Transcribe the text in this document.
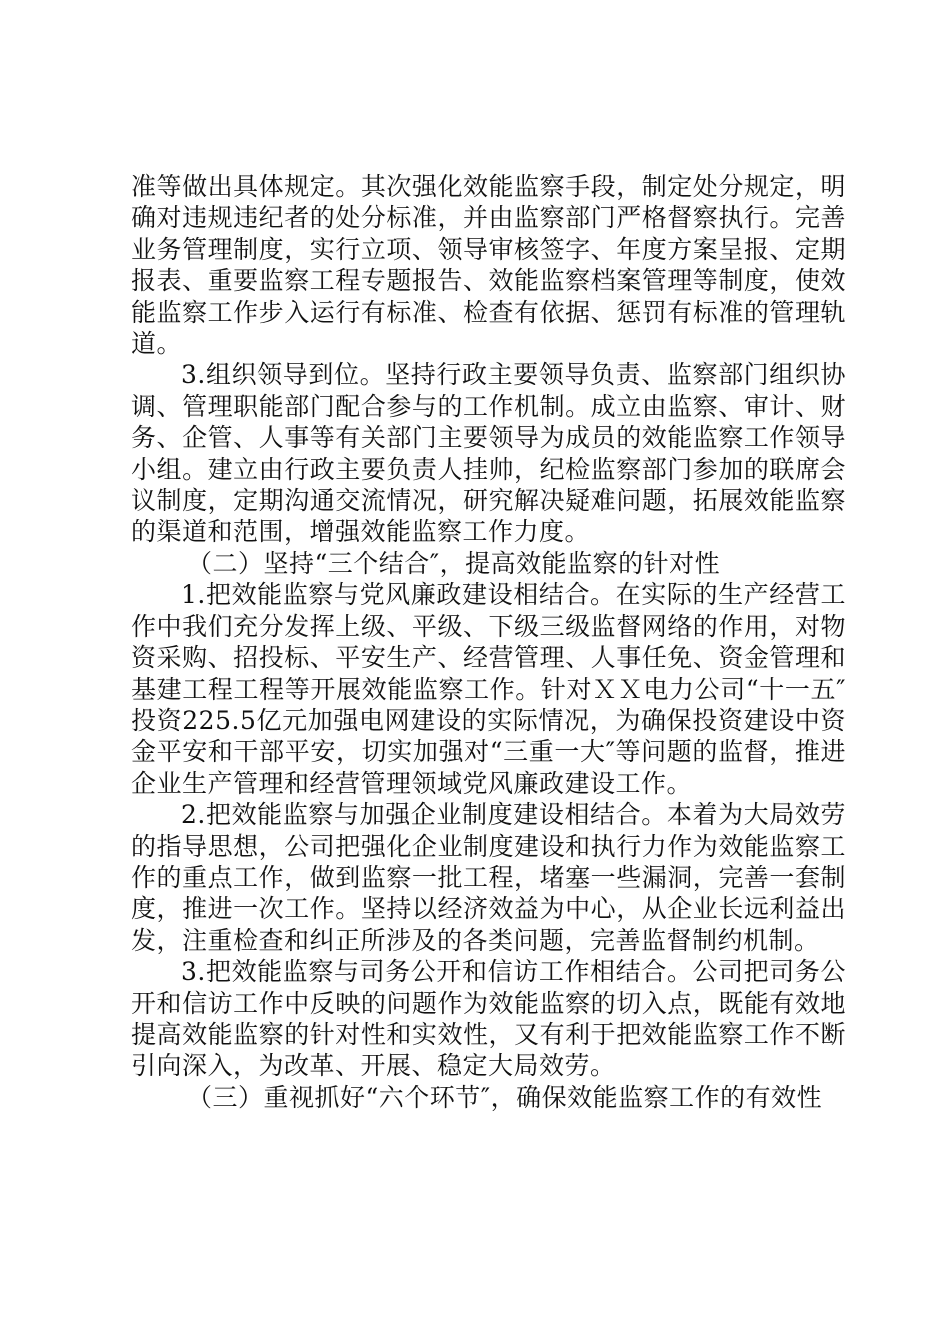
准等做出具体规定。其次强化效能监察手段，制定处分规定，明确对违规违纪者的处分标准，并由监察部门严格督察执行。完善业务管理制度，实行立项、领导审核签字、年度方案呈报、定期报表、重要监察工程专题报告、效能监察档案管理等制度，使效能监察工作步入运行有标准、检查有依据、惩罚有标准的管理轨道。

3.组织领导到位。坚持行政主要领导负责、监察部门组织协调、管理职能部门配合参与的工作机制。成立由监察、审计、财务、企管、人事等有关部门主要领导为成员的效能监察工作领导小组。建立由行政主要负责人挂帅，纪检监察部门参加的联席会议制度，定期沟通交流情况，研究解决疑难问题，拓展效能监察的渠道和范围，增强效能监察工作力度。

（二）坚持“三个结合″，提高效能监察的针对性

1.把效能监察与党风廉政建设相结合。在实际的生产经营工作中我们充分发挥上级、平级、下级三级监督网络的作用，对物资采购、招投标、平安生产、经营管理、人事任免、资金管理和基建工程工程等开展效能监察工作。针对ＸＸ电力公司“十一五″投资225.5亿元加强电网建设的实际情况，为确保投资建设中资金平安和干部平安，切实加强对“三重一大″等问题的监督，推进企业生产管理和经营管理领域党风廉政建设工作。

2.把效能监察与加强企业制度建设相结合。本着为大局效劳的指导思想，公司把强化企业制度建设和执行力作为效能监察工作的重点工作，做到监察一批工程，堵塞一些漏洞，完善一套制度，推进一次工作。坚持以经济效益为中心，从企业长远利益出发，注重检查和纠正所涉及的各类问题，完善监督制约机制。

3.把效能监察与司务公开和信访工作相结合。公司把司务公开和信访工作中反映的问题作为效能监察的切入点，既能有效地提高效能监察的针对性和实效性，又有利于把效能监察工作不断引向深入，为改革、开展、稳定大局效劳。

（三）重视抓好“六个环节″，确保效能监察工作的有效性
